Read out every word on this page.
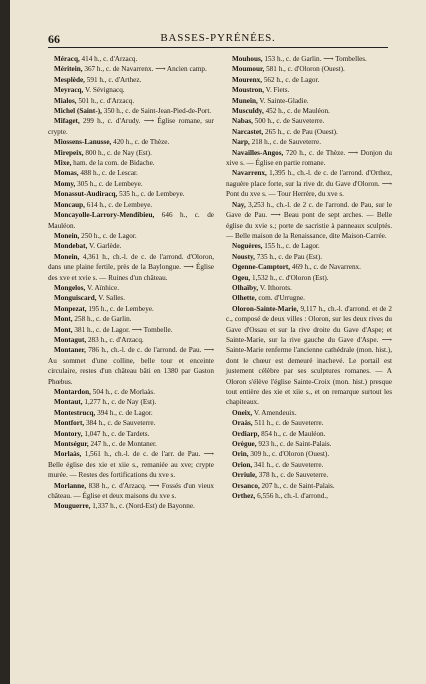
66	BASSES-PYRÉNÉES.

Méracq, 414 h., c. d'Arzacq.

Méritein, 367 h., c. de Navarrenx. ⟶ Ancien camp.

Mesplède, 591 h., c. d'Arthez.

Meyracq, V. Sévignacq.

Mialos, 501 h., c. d'Arzacq.

Michel (Saint-), 350 h., c. de Saint-Jean-Pied-de-Port.

Mifaget, 299 h., c. d'Arudy. ⟶ Église romane, sur crypte.

Miossens-Lanusse, 420 h., c. de Thèze.

Mirepeix, 800 h., c. de Nay (Est).

Mixe, ham. de la com. de Bidache.

Momas, 488 h., c. de Lescar.

Momy, 305 h., c. de Lembeye.

Monassut-Audiracq, 535 h., c. de Lembeye.

Moncaup, 614 h., c. de Lembeye.

Moncayolle-Larrory-Mendibieu, 646 h., c. de Mauléon.

Monein, 250 h., c. de Lagor.

Mondebat, V. Garlède.

Monein, 4,361 h., ch.-l. de c. de l'arrond. d'Oloron, dans une plaine fertile, près de la Baylongue. ⟶ Église des xve et xvie s. — Ruines d'un château.

Mongelos, V. Aïnhice.

Monguiscard, V. Salles.

Monpezat, 195 h., c. de Lembeye.

Mont, 258 h., c. de Garlin.

Mont, 381 h., c. de Lagor. ⟶ Tombelle.

Montagut, 283 h., c. d'Arzacq.

Montaner, 786 h., ch.-l. de c. de l'arrond. de Pau. ⟶ Au sommet d'une colline, belle tour et enceinte circulaire, restes d'un château bâti en 1380 par Gaston Phœbus.

Montardon, 504 h., c. de Morlaàs.

Montaut, 1,277 h., c. de Nay (Est).

Montestrucq, 394 h., c. de Lagor.

Montfort, 384 h., c. de Sauveterre.

Montory, 1,047 h., c. de Tardets.

Montségur, 247 h., c. de Montaner.

Morlaàs, 1,561 h., ch.-l. de c. de l'arr. de Pau. ⟶ Belle église des xie et xiie s., remaniée au xve; crypte murée. — Restes des fortifications du xve s.

Morlanne, 838 h., c. d'Arzacq. ⟶ Fossés d'un vieux château. — Église et deux maisons du xve s.

Mouguerre, 1,337 h., c. (Nord-Est) de Bayonne.

Mouhous, 153 h., c. de Garlin. ⟶ Tombelles.

Moumour, 581 h., c. d'Oloron (Ouest).

Mourenx, 562 h., c. de Lagor.

Moustron, V. Fiets.

Muneïn, V. Sainte-Gladie.

Musculdy, 452 h., c. de Mauléon.

Nabas, 500 h., c. de Sauveterre.

Narcastet, 265 h., c. de Pau (Ouest).

Narp, 218 h., c. de Sauveterre.

Navailles-Angos, 720 h., c. de Thèze. ⟶ Donjon du xive s. — Église en partie romane.

Navarrenx, 1,395 h., ch.-l. de c. de l'arrond. d'Orthez, naguère place forte, sur la rive dr. du Gave d'Oloron. ⟶ Pont du xve s. — Tour Herrère, du xve s.

Nay, 3,253 h., ch.-l. de 2 c. de l'arrond. de Pau, sur le Gave de Pau. ⟶ Beau pont de sept arches. — Belle église du xvie s.; porte de sacristie à panneaux sculptés. — Belle maison de la Renaissance, dite Maison-Carrée.

Noguères, 155 h., c. de Lagor.

Nousty, 735 h., c. de Pau (Est).

Ogenne-Camptort, 469 h., c. de Navarrenx.

Ogeu, 1,532 h., c. d'Oloron (Est).

Olhaïby, V. Ithorots.

Olhette, com. d'Urrugne.

Oloron-Sainte-Marie, 9,117 h., ch.-l. d'arrond. et de 2 c., composé de deux villes : Oloron, sur les deux rives du Gave d'Ossau et sur la rive droite du Gave d'Aspe; et Sainte-Marie, sur la rive gauche du Gave d'Aspe. ⟶ Sainte-Marie renferme l'ancienne cathédrale (mon. hist.), dont le chœur est demeuré inachevé. Le portail est justement célèbre par ses sculptures romanes. — A Oloron s'élève l'église Sainte-Croix (mon. hist.) presque tout entière des xie et xiie s., et on remarque surtout les chapiteaux.

Oneix, V. Amendeuix.

Oraàs, 511 h., c. de Sauveterre.

Ordiarp, 854 h., c. de Mauléon.

Orègue, 923 h., c. de Saint-Palais.

Orin, 309 h., c. d'Oloron (Ouest).

Orion, 341 h., c. de Sauveterre.

Orriule, 378 h., c. de Sauveterre.

Orsanco, 207 h., c. de Saint-Palais.

Orthez, 6,556 h., ch.-l. d'arrond.,
